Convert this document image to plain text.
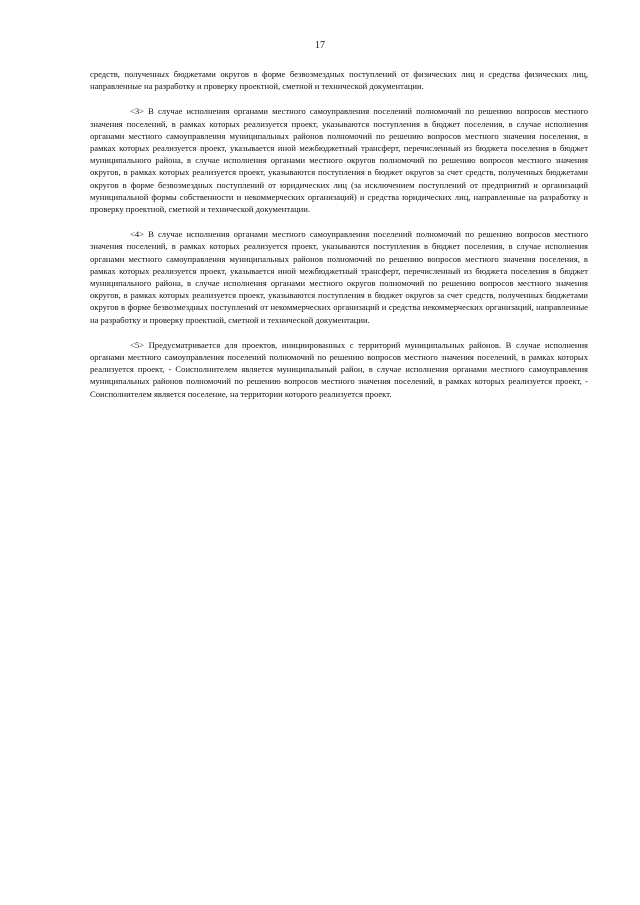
17

средств, полученных бюджетами округов в форме безвозмездных поступлений от физических лиц и средства физических лиц, направленные на разработку и проверку проектной, сметной и технической документации.

<3> В случае исполнения органами местного самоуправления поселений полномочий по решению вопросов местного значения поселений, в рамках которых реализуется проект, указываются поступления в бюджет поселения, в случае исполнения органами местного самоуправления муниципальных районов полномочий по решению вопросов местного значения поселения, в рамках которых реализуется проект, указывается иной межбюджетный трансферт, перечисленный из бюджета поселения в бюджет муниципального района, в случае исполнения органами местного округов полномочий по решению вопросов местного значения округов, в рамках которых реализуется проект, указываются поступления в бюджет округов за счет средств, полученных бюджетами округов в форме безвозмездных поступлений от юридических лиц (за исключением поступлений от предприятий и организаций муниципальной формы собственности и некоммерческих организаций) и средства юридических лиц, направленные на разработку и проверку проектной, сметной и технической документации.

<4> В случае исполнения органами местного самоуправления поселений полномочий по решению вопросов местного значения поселений, в рамках которых реализуется проект, указываются поступления в бюджет поселения, в случае исполнения органами местного самоуправления муниципальных районов полномочий по решению вопросов местного значения поселения, в рамках которых реализуется проект, указывается иной межбюджетный трансферт, перечисленный из бюджета поселения в бюджет муниципального района, в случае исполнения органами местного округов полномочий по решению вопросов местного значения округов, в рамках которых реализуется проект, указываются поступления в бюджет округов за счет средств, полученных бюджетами округов в форме безвозмездных поступлений от некоммерческих организаций и средства некоммерческих организаций, направленные на разработку и проверку проектной, сметной и технической документации.

<5> Предусматривается для проектов, инициированных с территорий муниципальных районов. В случае исполнения органами местного самоуправления поселений полномочий по решению вопросов местного значения поселений, в рамках которых реализуется проект, - Соисполнителем является муниципальный район, в случае исполнения органами местного самоуправления муниципальных районов полномочий по решению вопросов местного значения поселений, в рамках которых реализуется проект, - Соисполнителем является поселение, на территории которого реализуется проект.
